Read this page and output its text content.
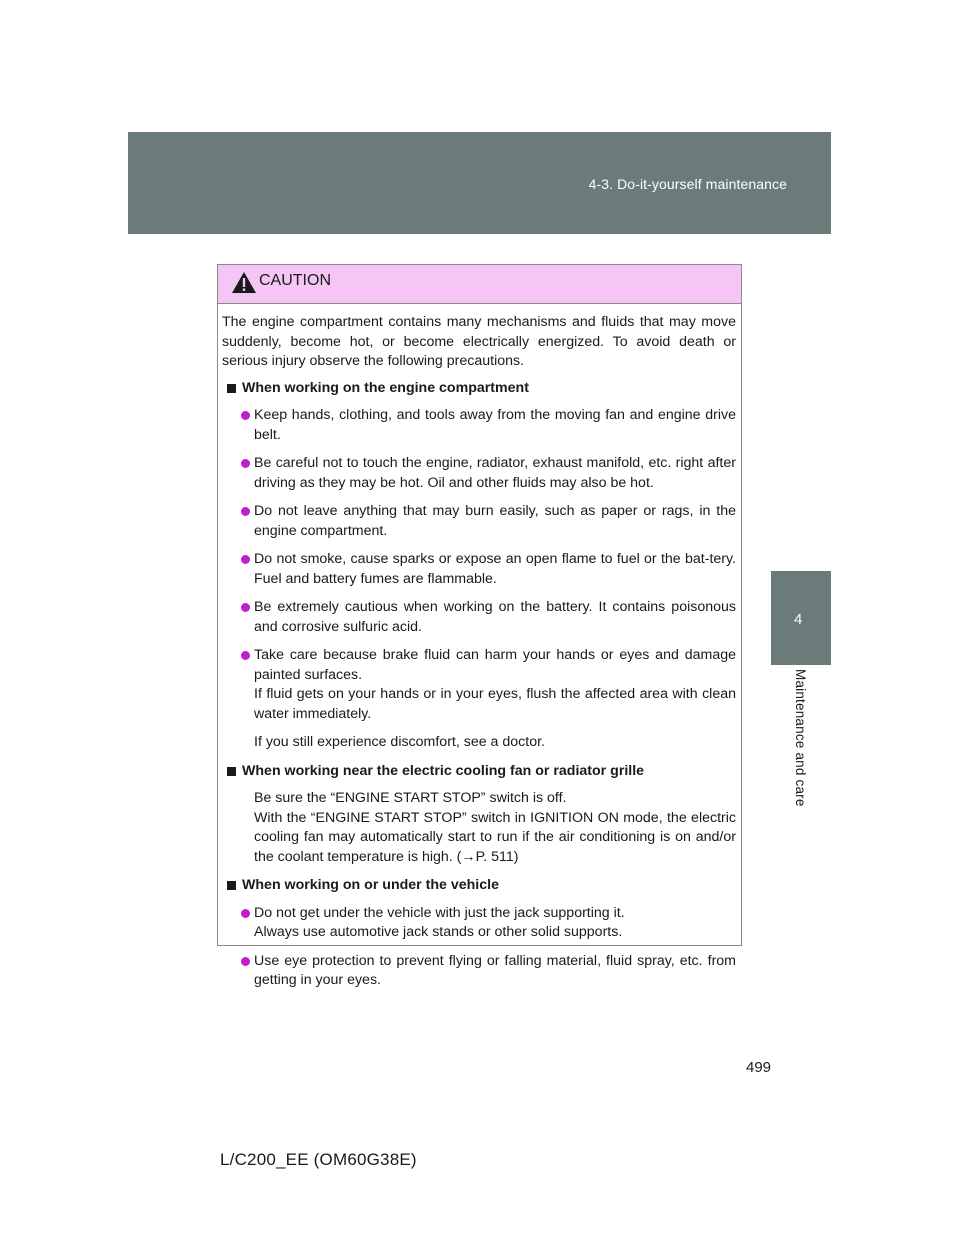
4-3. Do-it-yourself maintenance
4
Maintenance and care
CAUTION

The engine compartment contains many mechanisms and fluids that may move suddenly, become hot, or become electrically energized. To avoid death or serious injury observe the following precautions.

When working on the engine compartment

Keep hands, clothing, and tools away from the moving fan and engine drive belt.

Be careful not to touch the engine, radiator, exhaust manifold, etc. right after driving as they may be hot. Oil and other fluids may also be hot.

Do not leave anything that may burn easily, such as paper or rags, in the engine compartment.

Do not smoke, cause sparks or expose an open flame to fuel or the bat-tery. Fuel and battery fumes are flammable.

Be extremely cautious when working on the battery. It contains poisonous and corrosive sulfuric acid.

Take care because brake fluid can harm your hands or eyes and damage painted surfaces.

If fluid gets on your hands or in your eyes, flush the affected area with clean water immediately.

If you still experience discomfort, see a doctor.

When working near the electric cooling fan or radiator grille

Be sure the “ENGINE START STOP” switch is off.

With the “ENGINE START STOP” switch in IGNITION ON mode, the electric cooling fan may automatically start to run if the air conditioning is on and/or the coolant temperature is high. (→P. 511)

When working on or under the vehicle

Do not get under the vehicle with just the jack supporting it.

Always use automotive jack stands or other solid supports.

Use eye protection to prevent flying or falling material, fluid spray, etc. from getting in your eyes.

499
L/C200_EE (OM60G38E)
